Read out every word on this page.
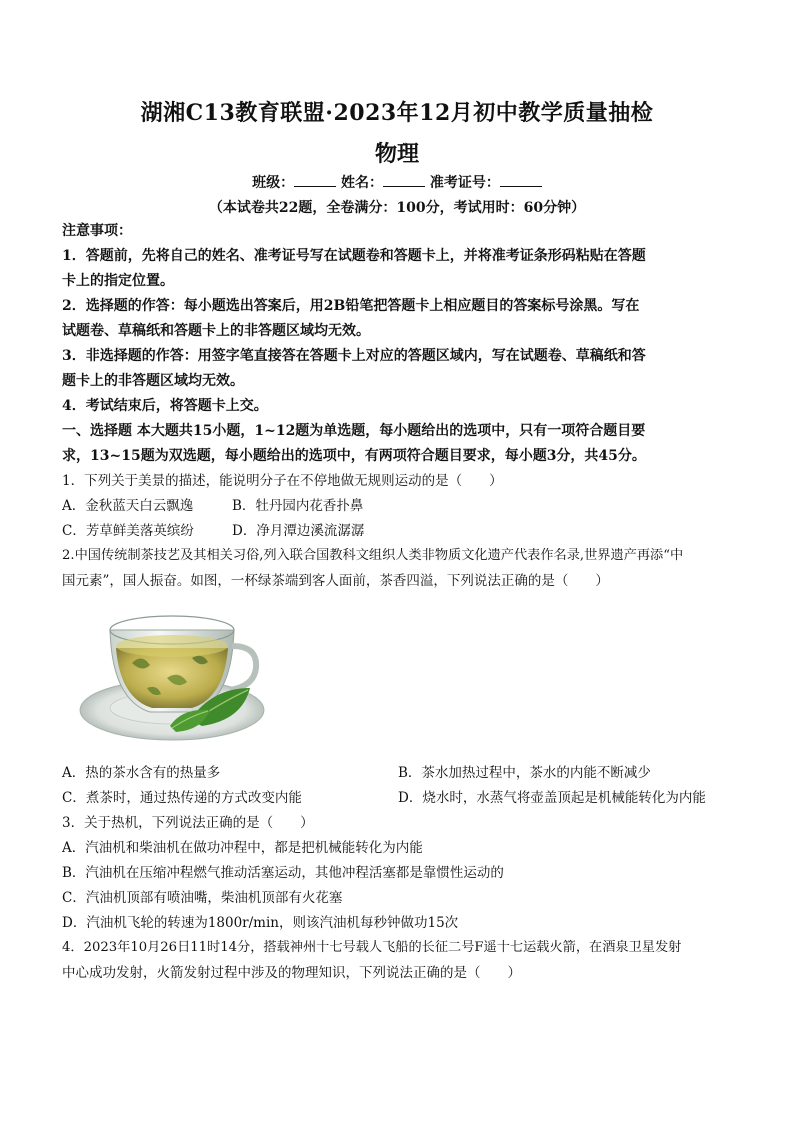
湖湘C13教育联盟·2023年12月初中教学质量抽检
物理
班级：	姓名：	准考证号：
（本试卷共22题，全卷满分：100分，考试用时：60分钟）
注意事项：
1．答题前，先将自己的姓名、准考证号写在试题卷和答题卡上，并将准考证条形码粘贴在答题
卡上的指定位置。
2．选择题的作答：每小题选出答案后，用2B铅笔把答题卡上相应题目的答案标号涂黑。写在
试题卷、草稿纸和答题卡上的非答题区域均无效。
3．非选择题的作答：用签字笔直接答在答题卡上对应的答题区域内，写在试题卷、草稿纸和答
题卡上的非答题区域均无效。
4．考试结束后，将答题卡上交。
一、选择题 本大题共15小题，1~12题为单选题，每小题给出的选项中，只有一项符合题目要
求，13~15题为双选题，每小题给出的选项中，有两项符合题目要求，每小题3分，共45分。
1．下列关于美景的描述，能说明分子在不停地做无规则运动的是（　　）
A．金秋蓝天白云飘逸	B．牡丹园内花香扑鼻
C．芳草鲜美落英缤纷	D．净月潭边溪流潺潺
2.中国传统制茶技艺及其相关习俗,列入联合国教科文组织人类非物质文化遗产代表作名录,世界遗产再添“中
国元素”，国人振奋。如图，一杯绿茶端到客人面前，茶香四溢，下列说法正确的是（　　）
A．热的茶水含有的热量多	B．茶水加热过程中，茶水的内能不断减少
C．煮茶时，通过热传递的方式改变内能	D．烧水时，水蒸气将壶盖顶起是机械能转化为内能
3．关于热机，下列说法正确的是（　　）
A．汽油机和柴油机在做功冲程中，都是把机械能转化为内能
B．汽油机在压缩冲程燃气推动活塞运动，其他冲程活塞都是靠惯性运动的
C．汽油机顶部有喷油嘴，柴油机顶部有火花塞
D．汽油机飞轮的转速为1800r/min，则该汽油机每秒钟做功15次
4．2023年10月26日11时14分，搭载神州十七号载人飞船的长征二号F遥十七运载火箭，在酒泉卫星发射
中心成功发射，火箭发射过程中涉及的物理知识，下列说法正确的是（　　）
